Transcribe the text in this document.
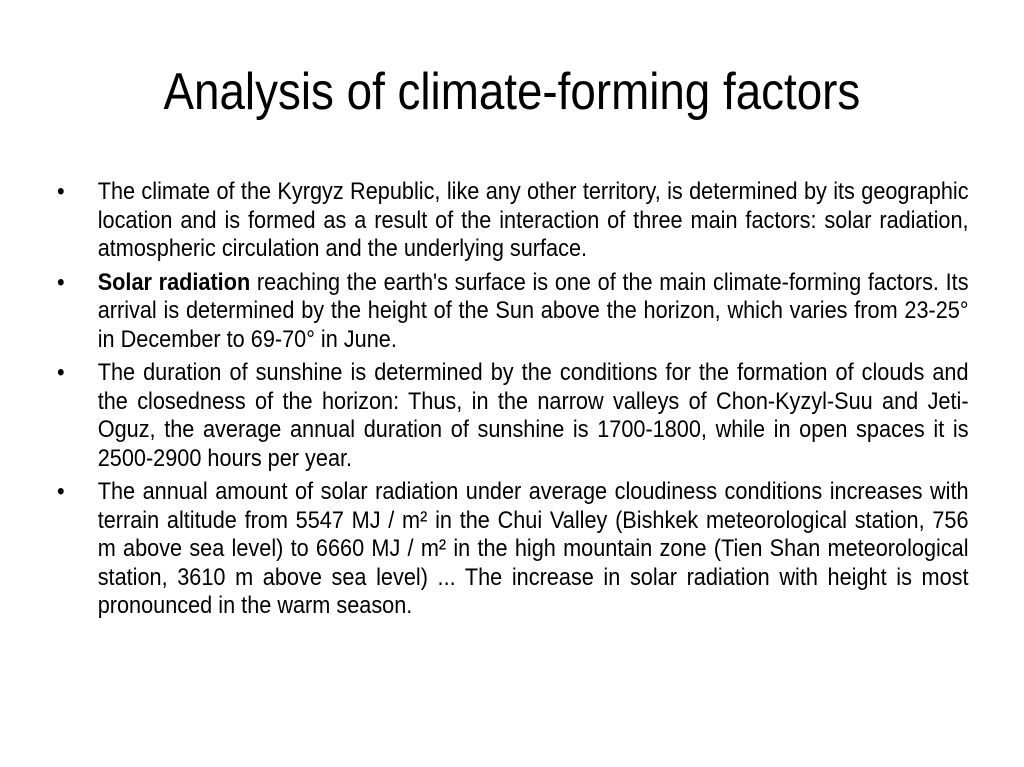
Analysis of climate-forming factors
• The climate of the Kyrgyz Republic, like any other territory, is determined by its geographic location and is formed as a result of the interaction of three main factors: solar radiation, atmospheric circulation and the underlying surface.
• Solar radiation reaching the earth's surface is one of the main climate-forming factors. Its arrival is determined by the height of the Sun above the horizon, which varies from 23-25° in December to 69-70° in June.
• The duration of sunshine is determined by the conditions for the formation of clouds and the closedness of the horizon: Thus, in the narrow valleys of Chon-Kyzyl-Suu and Jeti-Oguz, the average annual duration of sunshine is 1700-1800, while in open spaces it is 2500-2900 hours per year.
• The annual amount of solar radiation under average cloudiness conditions increases with terrain altitude from 5547 MJ / m² in the Chui Valley (Bishkek meteorological station, 756 m above sea level) to 6660 MJ / m² in the high mountain zone (Tien Shan meteorological station, 3610 m above sea level) ... The increase in solar radiation with height is most pronounced in the warm season.
